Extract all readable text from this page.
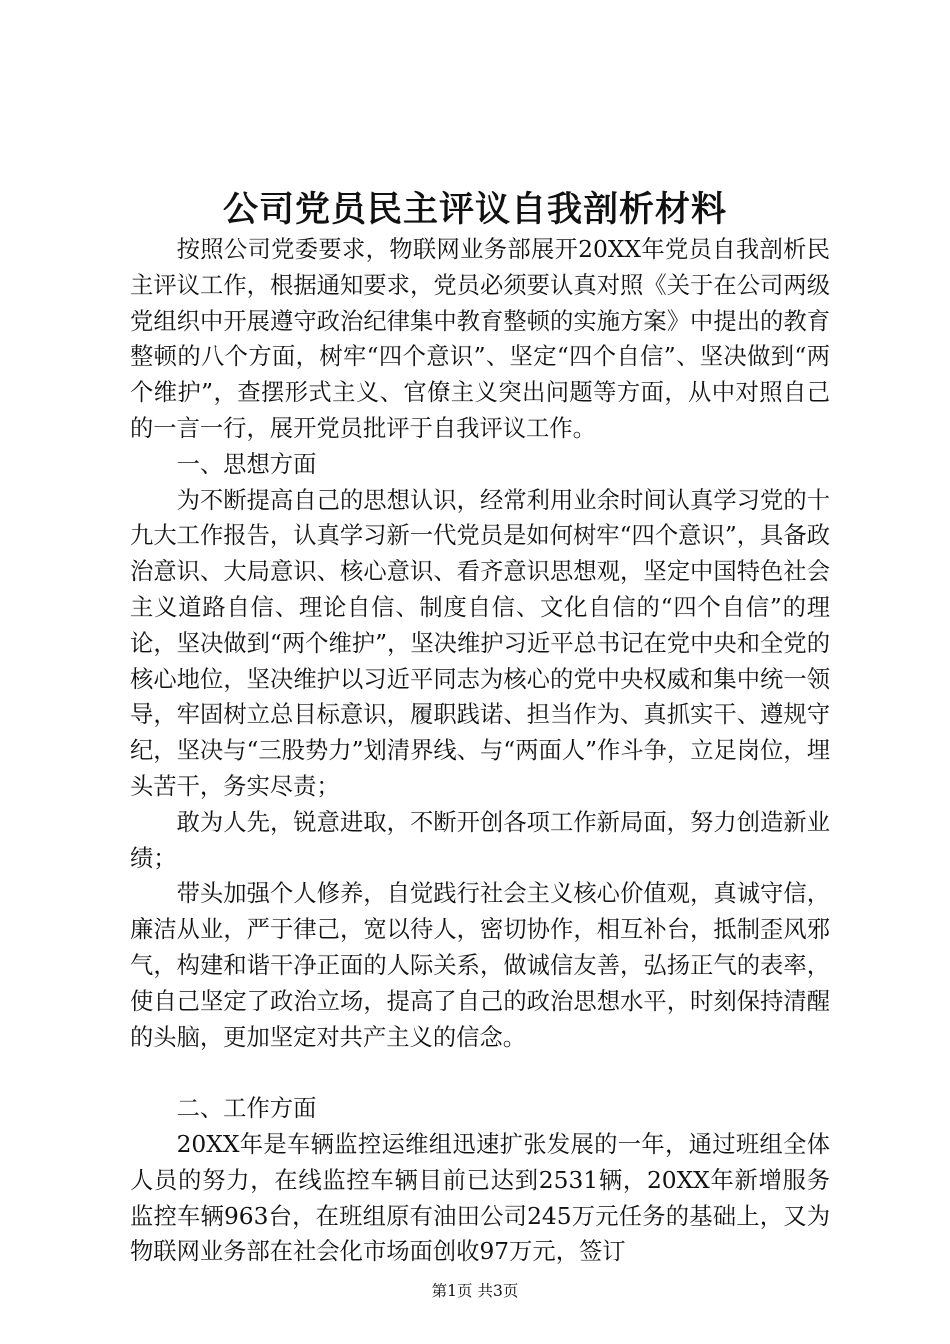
公司党员民主评议自我剖析材料

按照公司党委要求，物联网业务部展开20XX年党员自我剖析民主评议工作，根据通知要求，党员必须要认真对照《关于在公司两级党组织中开展遵守政治纪律集中教育整顿的实施方案》中提出的教育整顿的八个方面，树牢“四个意识”、坚定“四个自信”、坚决做到“两个维护”，查摆形式主义、官僚主义突出问题等方面，从中对照自己的一言一行，展开党员批评于自我评议工作。

一、思想方面

为不断提高自己的思想认识，经常利用业余时间认真学习党的十九大工作报告，认真学习新一代党员是如何树牢“四个意识”，具备政治意识、大局意识、核心意识、看齐意识思想观，坚定中国特色社会主义道路自信、理论自信、制度自信、文化自信的“四个自信”的理论，坚决做到“两个维护”，坚决维护习近平总书记在党中央和全党的核心地位，坚决维护以习近平同志为核心的党中央权威和集中统一领导，牢固树立总目标意识，履职践诺、担当作为、真抓实干、遵规守纪，坚决与“三股势力”划清界线、与“两面人”作斗争，立足岗位，埋头苦干，务实尽责；

敢为人先，锐意进取，不断开创各项工作新局面，努力创造新业绩；

带头加强个人修养，自觉践行社会主义核心价值观，真诚守信，廉洁从业，严于律己，宽以待人，密切协作，相互补台，抵制歪风邪气，构建和谐干净正面的人际关系，做诚信友善，弘扬正气的表率，使自己坚定了政治立场，提高了自己的政治思想水平，时刻保持清醒的头脑，更加坚定对共产主义的信念。

二、工作方面

20XX年是车辆监控运维组迅速扩张发展的一年，通过班组全体人员的努力，在线监控车辆目前已达到2531辆，20XX年新增服务监控车辆963台，在班组原有油田公司245万元任务的基础上，又为物联网业务部在社会化市场面创收97万元，签订

第1页 共3页
